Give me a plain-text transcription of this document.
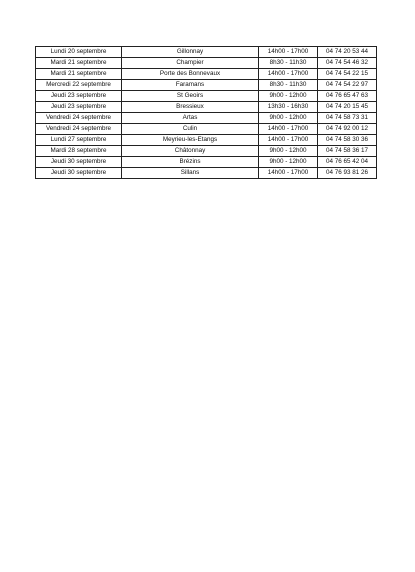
Lundi 20 septembre	Gillonnay	14h00 - 17h00	04 74 20 53 44
Mardi 21 septembre	Champier	8h30 - 11h30	04 74 54 46 32
Mardi 21 septembre	Porte des Bonnevaux	14h00 - 17h00	04 74 54 22 15
Mercredi 22 septembre	Faramans	8h30 - 11h30	04 74 54 22 97
Jeudi 23 septembre	St Geoirs	9h00 - 12h00	04 76 65 47 63
Jeudi 23 septembre	Bressieux	13h30 - 16h30	04 74 20 15 45
Vendredi 24 septembre	Artas	9h00 - 12h00	04 74 58 73 31
Vendredi 24 septembre	Culin	14h00 - 17h00	04 74 92 00 12
Lundi 27 septembre	Meyrieu-les-Etangs	14h00 - 17h00	04 74 58 30 36
Mardi 28 septembre	Châtonnay	9h00 - 12h00	04 74 58 36 17
Jeudi 30 septembre	Brézins	9h00 - 12h00	04 76 65 42 04
Jeudi 30 septembre	Sillans	14h00 - 17h00	04 76 93 81 26
